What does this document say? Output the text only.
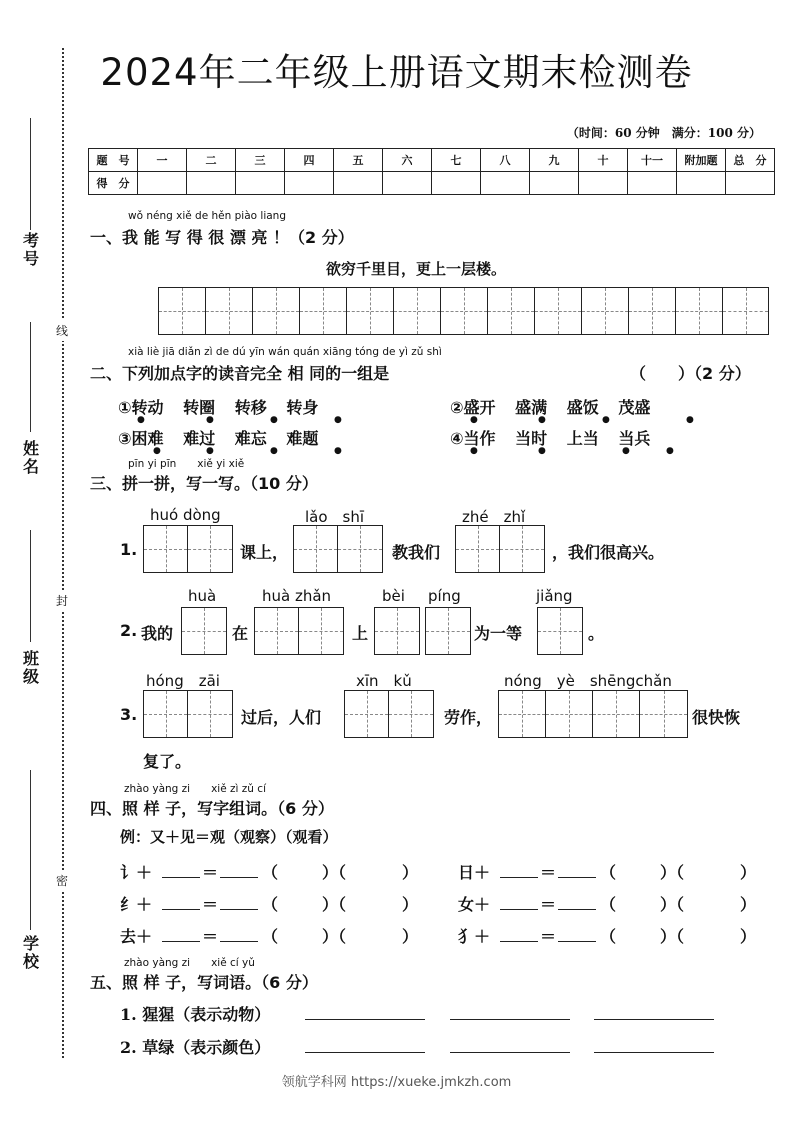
线
封
密
考号
姓名
班级
学校
2024年二年级上册语文期末检测卷
（时间：60 分钟　满分：100 分）
题　号	一	二	三	四	五	六	七	八	九	十	十一	附加题	总　分
得　分													
wǒ néng xiě de hěn piào liang
一、我 能 写 得 很 漂 亮 ！（2 分）
欲穷千里目，更上一层楼。
xià liè jiā diǎn zì de dú yīn wán quán xiāng tóng de yì zǔ shì
二、下列加点字的读音完全 相 同的一组是	（　　）（2 分）
①转动 转圈 转移 转身	②盛开 盛满 盛饭 茂盛
③困难 难过 难忘 难题	④当作 当时 上当 当兵
●	●	●	●	●	●	●	●
●	●	●	●	●	●	●	●
pīn yi pīn　　xiě yi xiě
三、拼一拼，写一写。（10 分）
huó dòng	lǎo　shī	zhé　zhǐ
1.	课上，	教我们	，我们很高兴。
huà	huà zhǎn	bèi píng	jiǎng
2. 我的	在	上	为一等	。
hóng　zāi	xīn　kǔ	nóng　yè　shēngchǎn
3.	过后，人们	劳作，	很快恢
复了。
zhào yàng zi　　xiě zì zǔ cí
四、照 样 子，写字组词。（6 分）
例：又＋见＝观（观察）（观看）
讠＋	＝	（	）（	） 日＋	＝	（	）（	）
纟＋	＝	（	）（	） 女＋	＝	（	）（	）
去＋	＝	（	）（	） 犭＋	＝	（	）（	）
zhào yàng zi　　xiě cí yǔ
五、照 样 子，写词语。（6 分）
1. 猩猩（表示动物）
2. 草绿（表示颜色）
领航学科网 https://xueke.jmkzh.com
